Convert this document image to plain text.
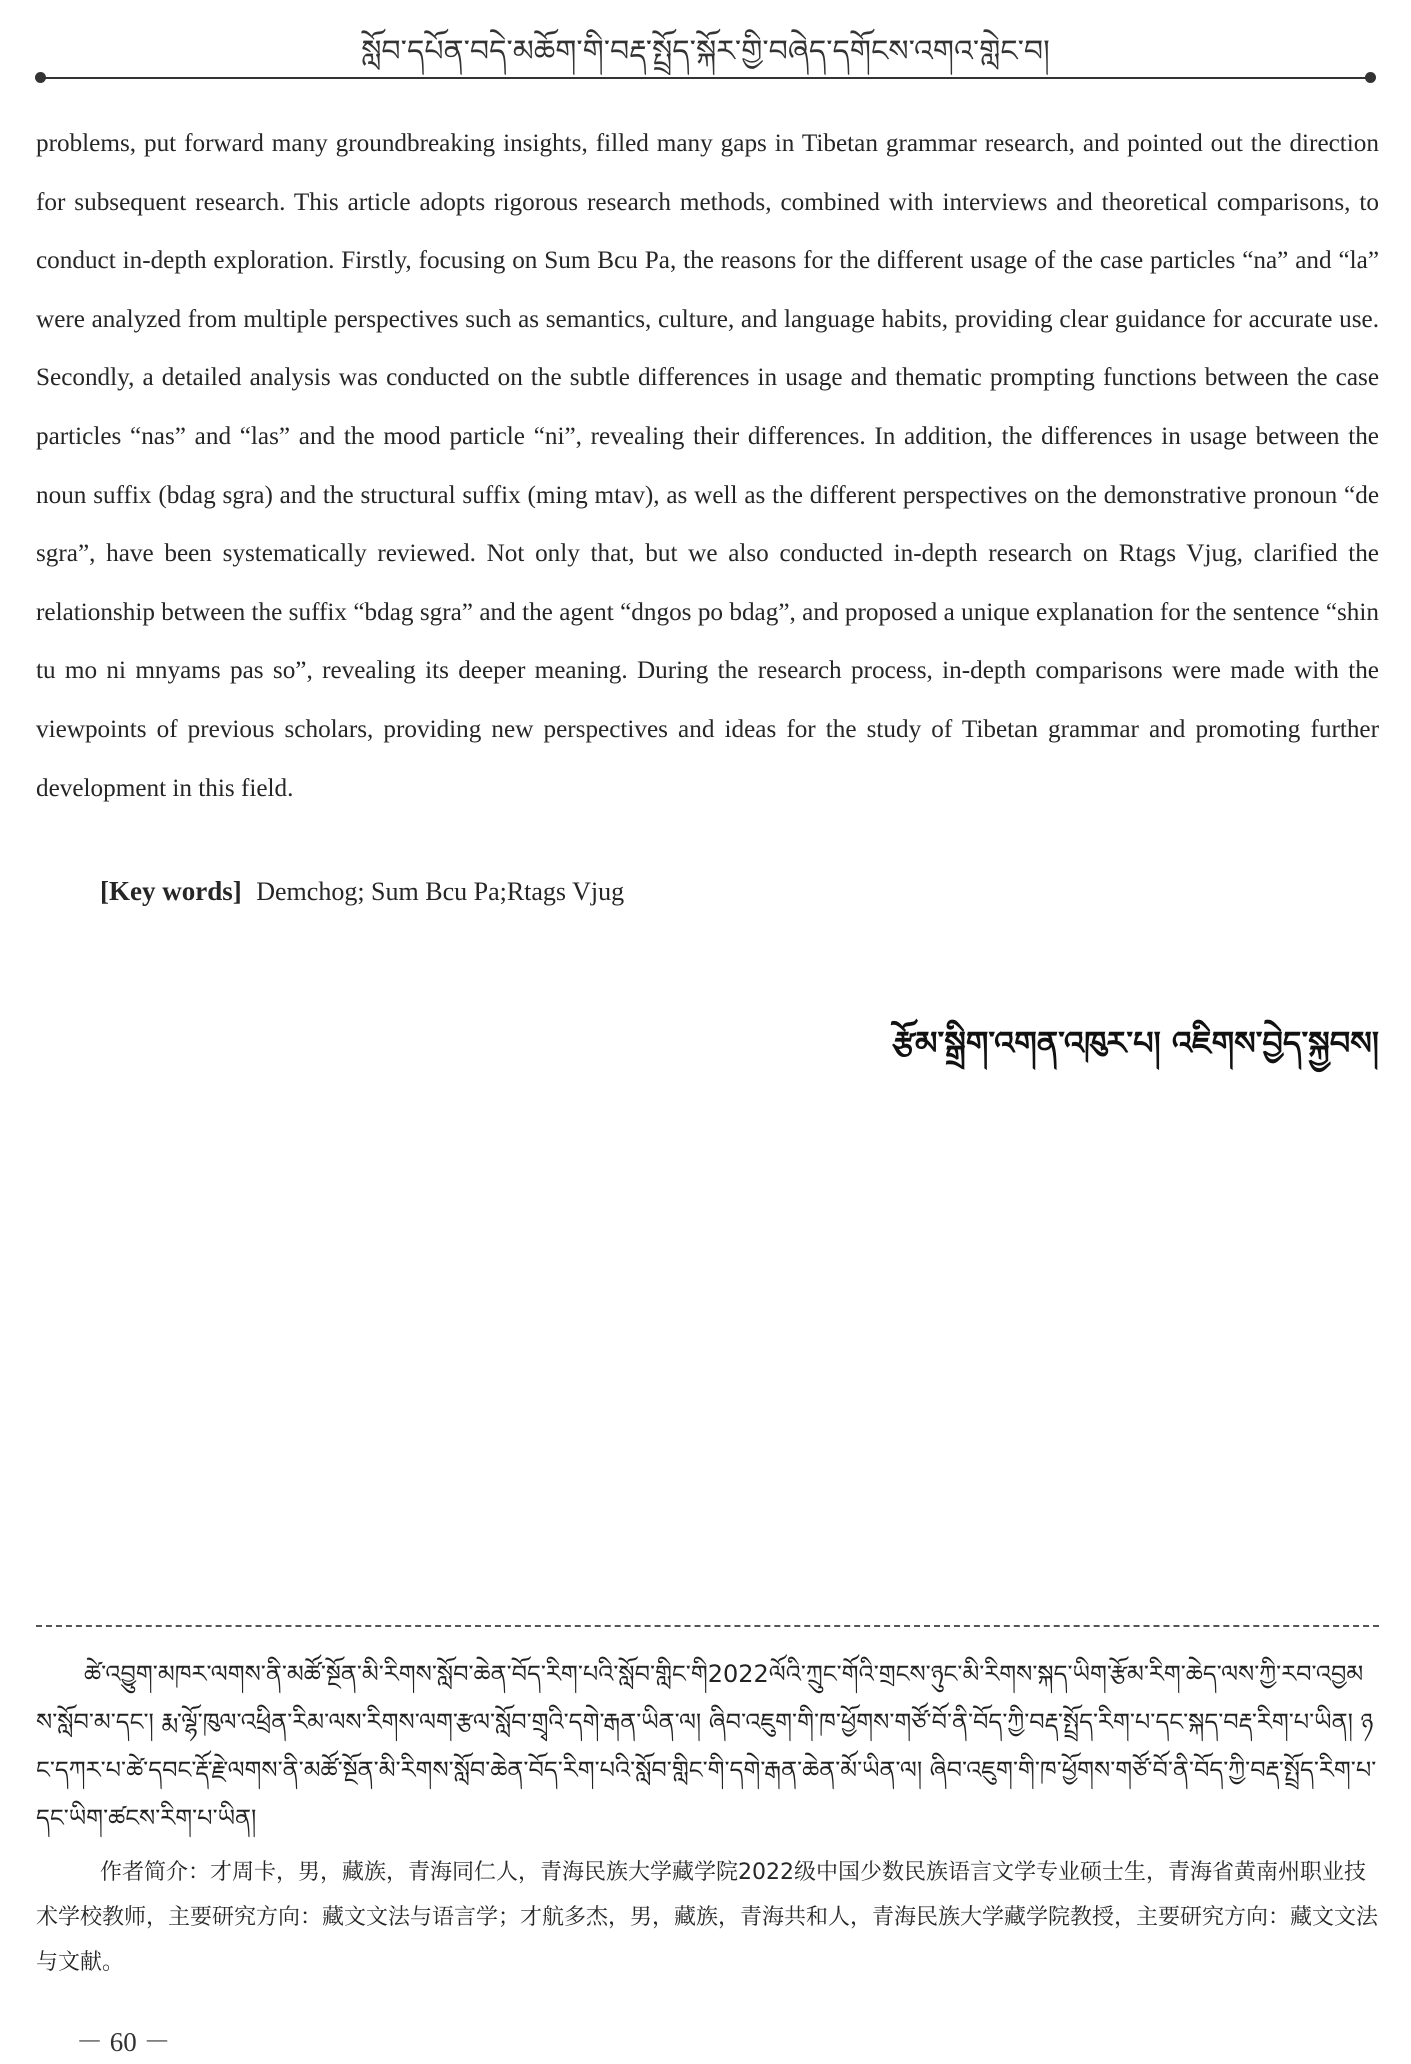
སློབ་དཔོན་བདེ་མཆོག་གི་བརྡ་སྤྲོད་སྐོར་གྱི་བཞེད་དགོངས་འགའ་གླེང་བ།

problems, put forward many groundbreaking insights, filled many gaps in Tibetan grammar research, and pointed out the direction for subsequent research. This article adopts rigorous research methods, combined with interviews and theoretical comparisons, to conduct in-depth exploration. Firstly, focusing on Sum Bcu Pa, the reasons for the different usage of the case particles “na” and “la” were analyzed from multiple perspectives such as semantics, culture, and language habits, providing clear guidance for accurate use. Secondly, a detailed analysis was conducted on the subtle differences in usage and thematic prompting functions between the case particles “nas” and “las” and the mood particle “ni”, revealing their differences. In addition, the differences in usage between the noun suffix (bdag sgra) and the structural suffix (ming mtav), as well as the different perspectives on the demonstrative pronoun “de sgra”, have been systematically reviewed. Not only that, but we also conducted in-depth research on Rtags Vjug, clarified the relationship between the suffix “bdag sgra” and the agent “dngos po bdag”, and proposed a unique explanation for the sentence “shin tu mo ni mnyams pas so”, revealing its deeper meaning. During the research process, in-depth comparisons were made with the viewpoints of previous scholars, providing new perspectives and ideas for the study of Tibetan grammar and promoting further development in this field.

[Key words] Demchog; Sum Bcu Pa;Rtags Vjug
རྩོམ་སྒྲིག་འགན་འཁུར་པ། འཇིགས་བྱེད་སྐྱབས།

ཚེ་འབྱུག་མཁར་ལགས་ནི་མཚོ་སྔོན་མི་རིགས་སློབ་ཆེན་བོད་རིག་པའི་སློབ་གླིང་གི2022ལོའི་ཀྲུང་གོའི་གྲངས་ཉུང་མི་རིགས་སྐད་ཡིག་རྩོམ་རིག་ཆེད་ལས་ཀྱི་རབ་འབྱམས་སློབ་མ་དང་། རྨ་ལྷོ་ཁུལ་འཕྲིན་རིམ་ལས་རིགས་ལག་རྩལ་སློབ་གྲྭའི་དགེ་རྒན་ཡིན་ལ། ཞིབ་འཇུག་གི་ཁ་ཕྱོགས་གཙོ་བོ་ནི་བོད་ཀྱི་བརྡ་སྤྲོད་རིག་པ་དང་སྐད་བརྡ་རིག་པ་ཡིན། ཉང་དཀར་པ་ཚེ་དབང་རྡོ་རྗེ་ལགས་ནི་མཚོ་སྔོན་མི་རིགས་སློབ་ཆེན་བོད་རིག་པའི་སློབ་གླིང་གི་དགེ་རྒན་ཆེན་མོ་ཡིན་ལ། ཞིབ་འཇུག་གི་ཁ་ཕྱོགས་གཙོ་བོ་ནི་བོད་ཀྱི་བརྡ་སྤྲོད་རིག་པ་དང་ཡིག་ཚངས་རིག་པ་ཡིན།

作者简介：才周卡，男，藏族，青海同仁人，青海民族大学藏学院2022级中国少数民族语言文学专业硕士生，青海省黄南州职业技术学校教师，主要研究方向：藏文文法与语言学；才航多杰，男，藏族，青海共和人，青海民族大学藏学院教授，主要研究方向：藏文文法与文献。

－ 60 －
